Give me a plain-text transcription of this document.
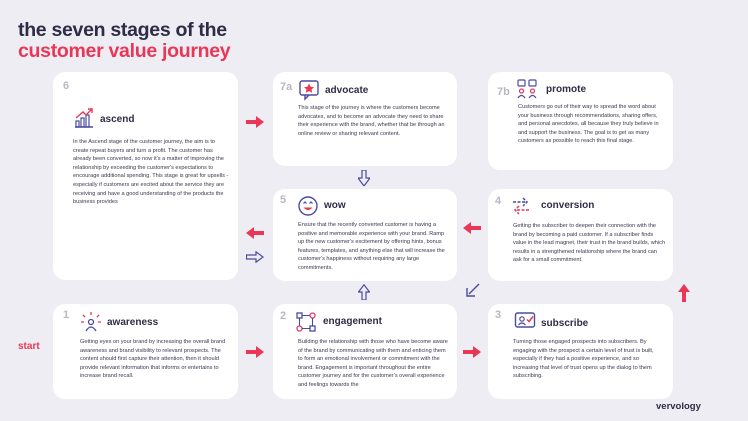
the seven stages of the
customer value journey
6
ascend
In the Ascend stage of the customer journey, the aim is to create repeat buyers and turn a profit. The customer has already been converted, so now it's a matter of improving the relationship by exceeding the customer's expectations to encourage additional spending. This stage is great for upsells - especially if customers are excited about the service they are receiving and have a good understanding of the products the business provides
7a	advocate
This stage of the journey is where the customers become advocates, and to become an advocate they need to share their experience with the brand, whether that be through an online review or sharing relevant content.
7b	promote
Customers go out of their way to spread the word about your business through recommendations, sharing offers, and personal anecdotes, all because they truly believe in and support the business. The goal is to get as many customers as possible to reach this final stage.
5	wow
Ensure that the recently converted customer is having a positive and memorable experience with your brand. Ramp up the new customer's excitement by offering hints, bonus features, templates, and anything else that will increase the customer's happiness without requiring any large commitments.
4	conversion
Getting the subscriber to deepen their connection with the brand by becoming a paid customer. If a subscriber finds value in the lead magnet, their trust in the brand builds, which results in a strengthened relationship where the brand can ask for a small commitment.
1
awareness
Getting eyes on your brand by increasing the overall brand awareness and brand visibility to relevant prospects. The content should first capture their attention, then it should provide relevant information that informs or entertains to increase brand recall.
2	engagement
Building the relationship with those who have become aware of the brand by communicating with them and enticing them to form an emotional involvement or commitment with the brand. Engagement is important throughout the entire customer journey and for the customer's overall experience and feelings towards the
3
subscribe
Turning those engaged prospects into subscribers. By engaging with the prospect a certain level of trust is built, especially if they had a positive experience, and so increasing that level of trust opens up the dialog to them subscribing.
start
vervology
